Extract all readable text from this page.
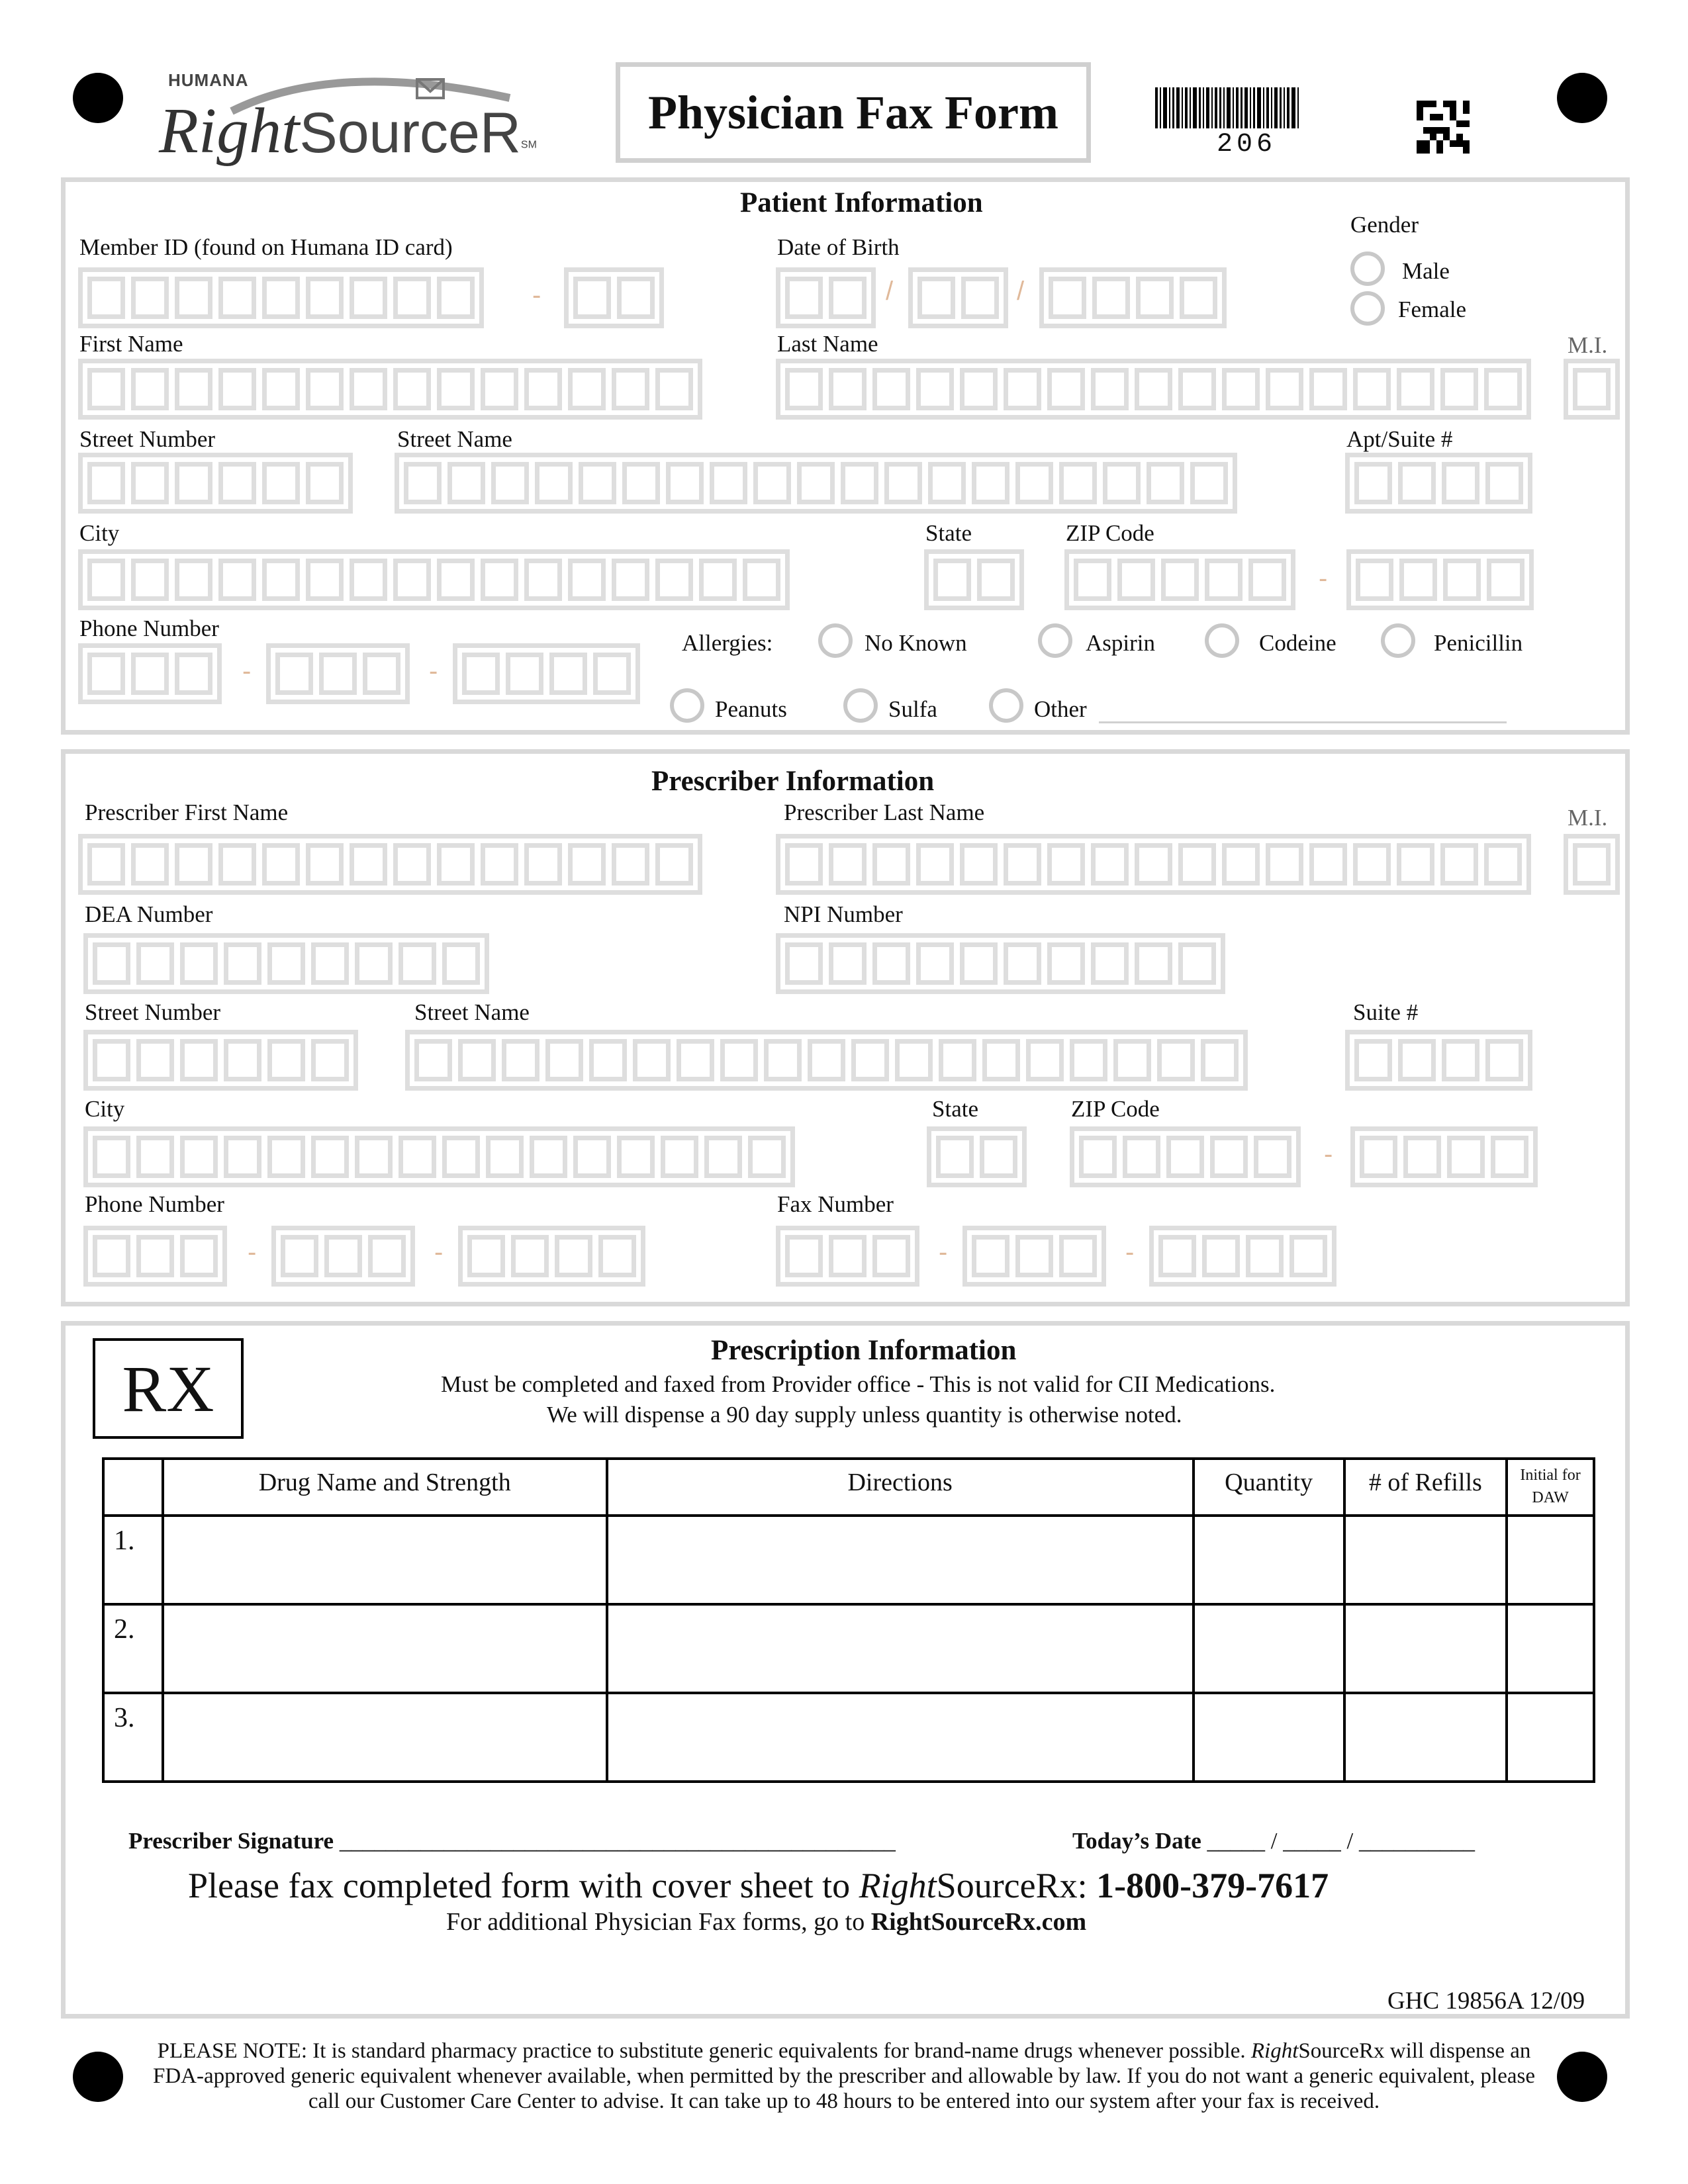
HUMANA
RightSourceR℠
Physician Fax Form
206
Patient Information
Member ID (found on Humana ID card)
-
Date of Birth
/	/
Gender
Male
Female
First Name	Last Name	M.I.
Street Number	Street Name	Apt/Suite #
City	State	ZIP Code
-
Phone Number
-	-
Allergies:	No Known	Aspirin	Codeine	Penicillin
Peanuts	Sulfa	Other
Prescriber Information
Prescriber First Name	Prescriber Last Name	M.I.
DEA Number	NPI Number
Street Number	Street Name	Suite #
City	State	ZIP Code
-
Phone Number
-	-
Fax Number
-	-
RX
Prescription Information
Must be completed and faxed from Provider office - This is not valid for CII Medications.
We will dispense a 90 day supply unless quantity is otherwise noted.
	Drug Name and Strength	Directions	Quantity	# of Refills	Initial for DAW
1.					
2.					
3.					
Prescriber Signature ________________________________________________	Today’s Date _____ / _____ / __________
Please fax completed form with cover sheet to RightSourceRx: 1-800-379-7617
For additional Physician Fax forms, go to RightSourceRx.com
GHC 19856A 12/09
PLEASE NOTE: It is standard pharmacy practice to substitute generic equivalents for brand-name drugs whenever possible. RightSourceRx will dispense an FDA-approved generic equivalent whenever available, when permitted by the prescriber and allowable by law. If you do not want a generic equivalent, please call our Customer Care Center to advise. It can take up to 48 hours to be entered into our system after your fax is received.
